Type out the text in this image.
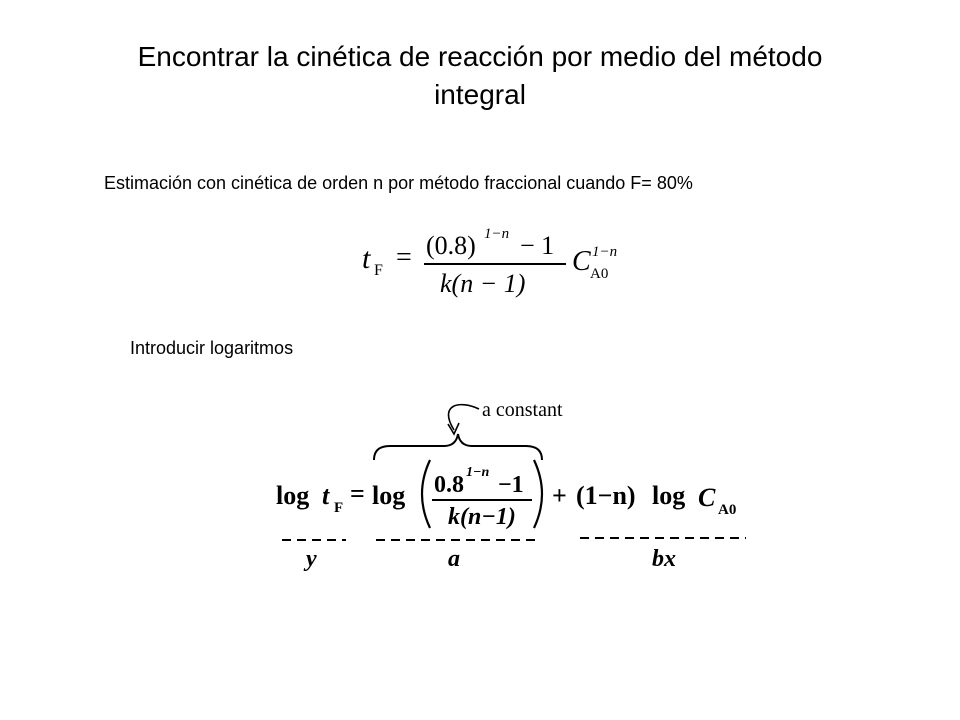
Encontrar la cinética de reacción por medio del método
integral
Estimación con cinética de orden n por método fraccional cuando F= 80%
t F = (0.8) 1−n − 1
k(n − 1)
C 1−n
A0
Introducir logaritmos
a constant
log t F = log 0.8 1−n −1
k(n−1)
+ (1−n) log C A0
y	a	bx
